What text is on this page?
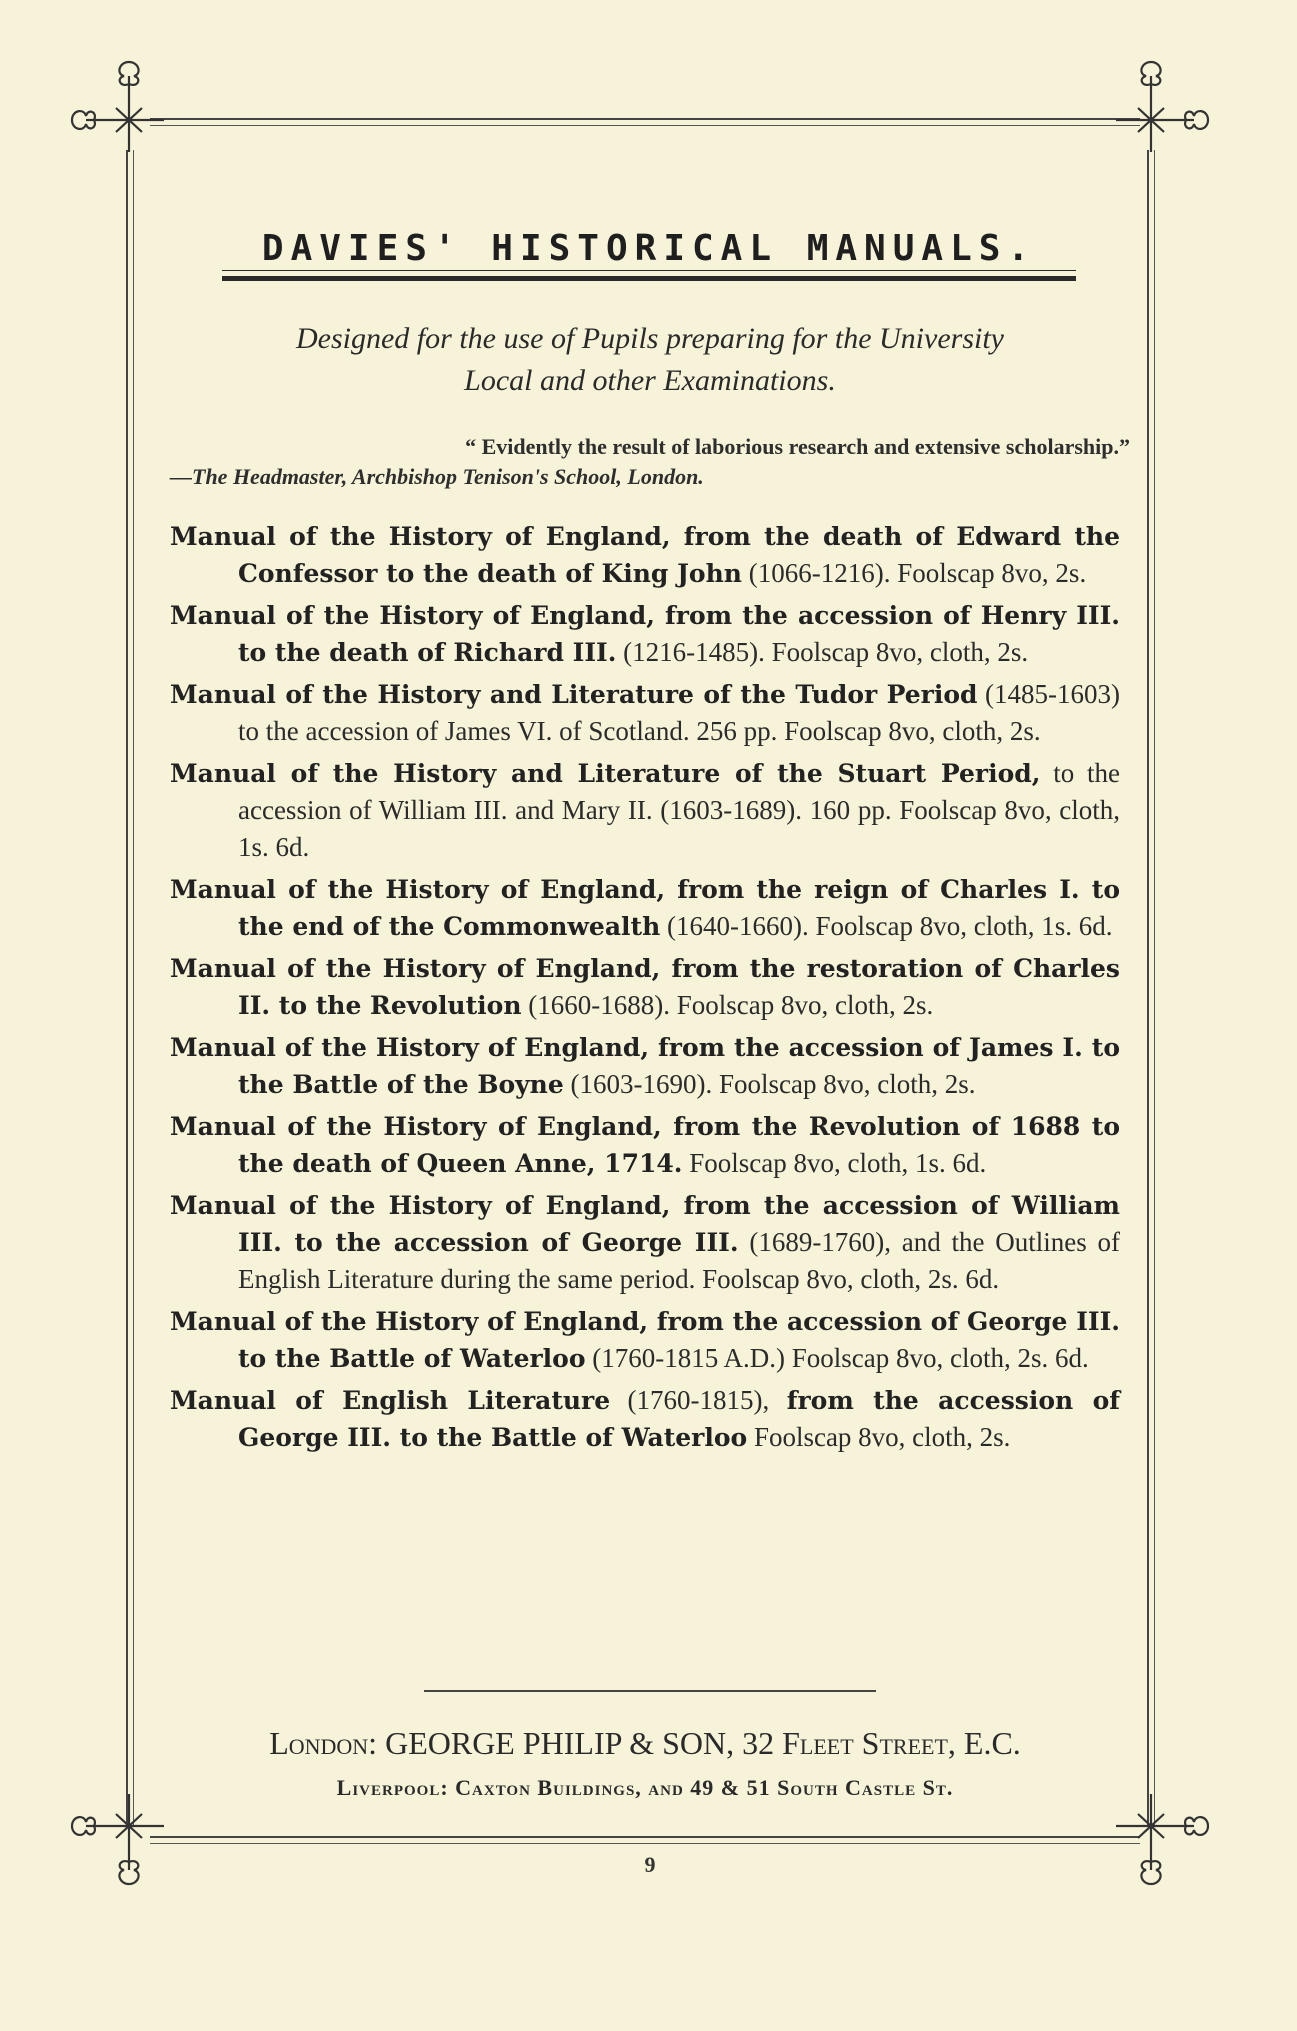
DAVIES' HISTORICAL MANUALS.
Designed for the use of Pupils preparing for the University
Local and other Examinations.
“ Evidently the result of laborious research and extensive scholarship.”
—The Headmaster, Archbishop Tenison's School, London.
Manual of the History of England, from the death of Edward the Confessor to the death of King John (1066-1216). Foolscap 8vo, 2s.
Manual of the History of England, from the accession of Henry III. to the death of Richard III. (1216-1485). Foolscap 8vo, cloth, 2s.
Manual of the History and Literature of the Tudor Period (1485-1603) to the accession of James VI. of Scotland. 256 pp. Foolscap 8vo, cloth, 2s.
Manual of the History and Literature of the Stuart Period, to the accession of William III. and Mary II. (1603-1689). 160 pp. Foolscap 8vo, cloth, 1s. 6d.
Manual of the History of England, from the reign of Charles I. to the end of the Commonwealth (1640-1660). Foolscap 8vo, cloth, 1s. 6d.
Manual of the History of England, from the restoration of Charles II. to the Revolution (1660-1688). Foolscap 8vo, cloth, 2s.
Manual of the History of England, from the accession of James I. to the Battle of the Boyne (1603-1690). Foolscap 8vo, cloth, 2s.
Manual of the History of England, from the Revolution of 1688 to the death of Queen Anne, 1714. Foolscap 8vo, cloth, 1s. 6d.
Manual of the History of England, from the accession of William III. to the accession of George III. (1689-1760), and the Outlines of English Literature during the same period. Foolscap 8vo, cloth, 2s. 6d.
Manual of the History of England, from the accession of George III. to the Battle of Waterloo (1760-1815 A.D.) Foolscap 8vo, cloth, 2s. 6d.
Manual of English Literature (1760-1815), from the accession of George III. to the Battle of Waterloo Foolscap 8vo, cloth, 2s.
London: GEORGE PHILIP & SON, 32 Fleet Street, E.C.
Liverpool: Caxton Buildings, and 49 & 51 South Castle St.
9
